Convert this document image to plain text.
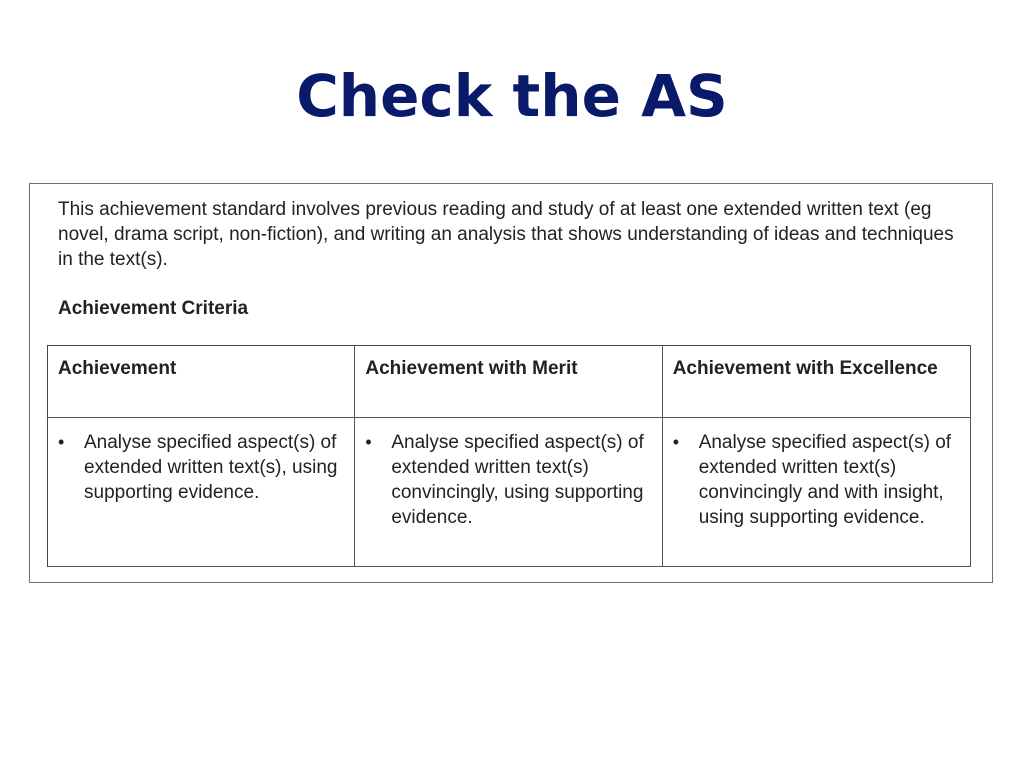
Check the AS

This achievement standard involves previous reading and study of at least one extended written text (eg novel, drama script, non-fiction), and writing an analysis that shows understanding of ideas and techniques in the text(s).

Achievement Criteria

Achievement	Achievement with Merit	Achievement with Excellence

• Analyse specified aspect(s) of extended written text(s), using supporting evidence.	• Analyse specified aspect(s) of extended written text(s) convincingly, using supporting evidence.	• Analyse specified aspect(s) of extended written text(s) convincingly and with insight, using supporting evidence.
